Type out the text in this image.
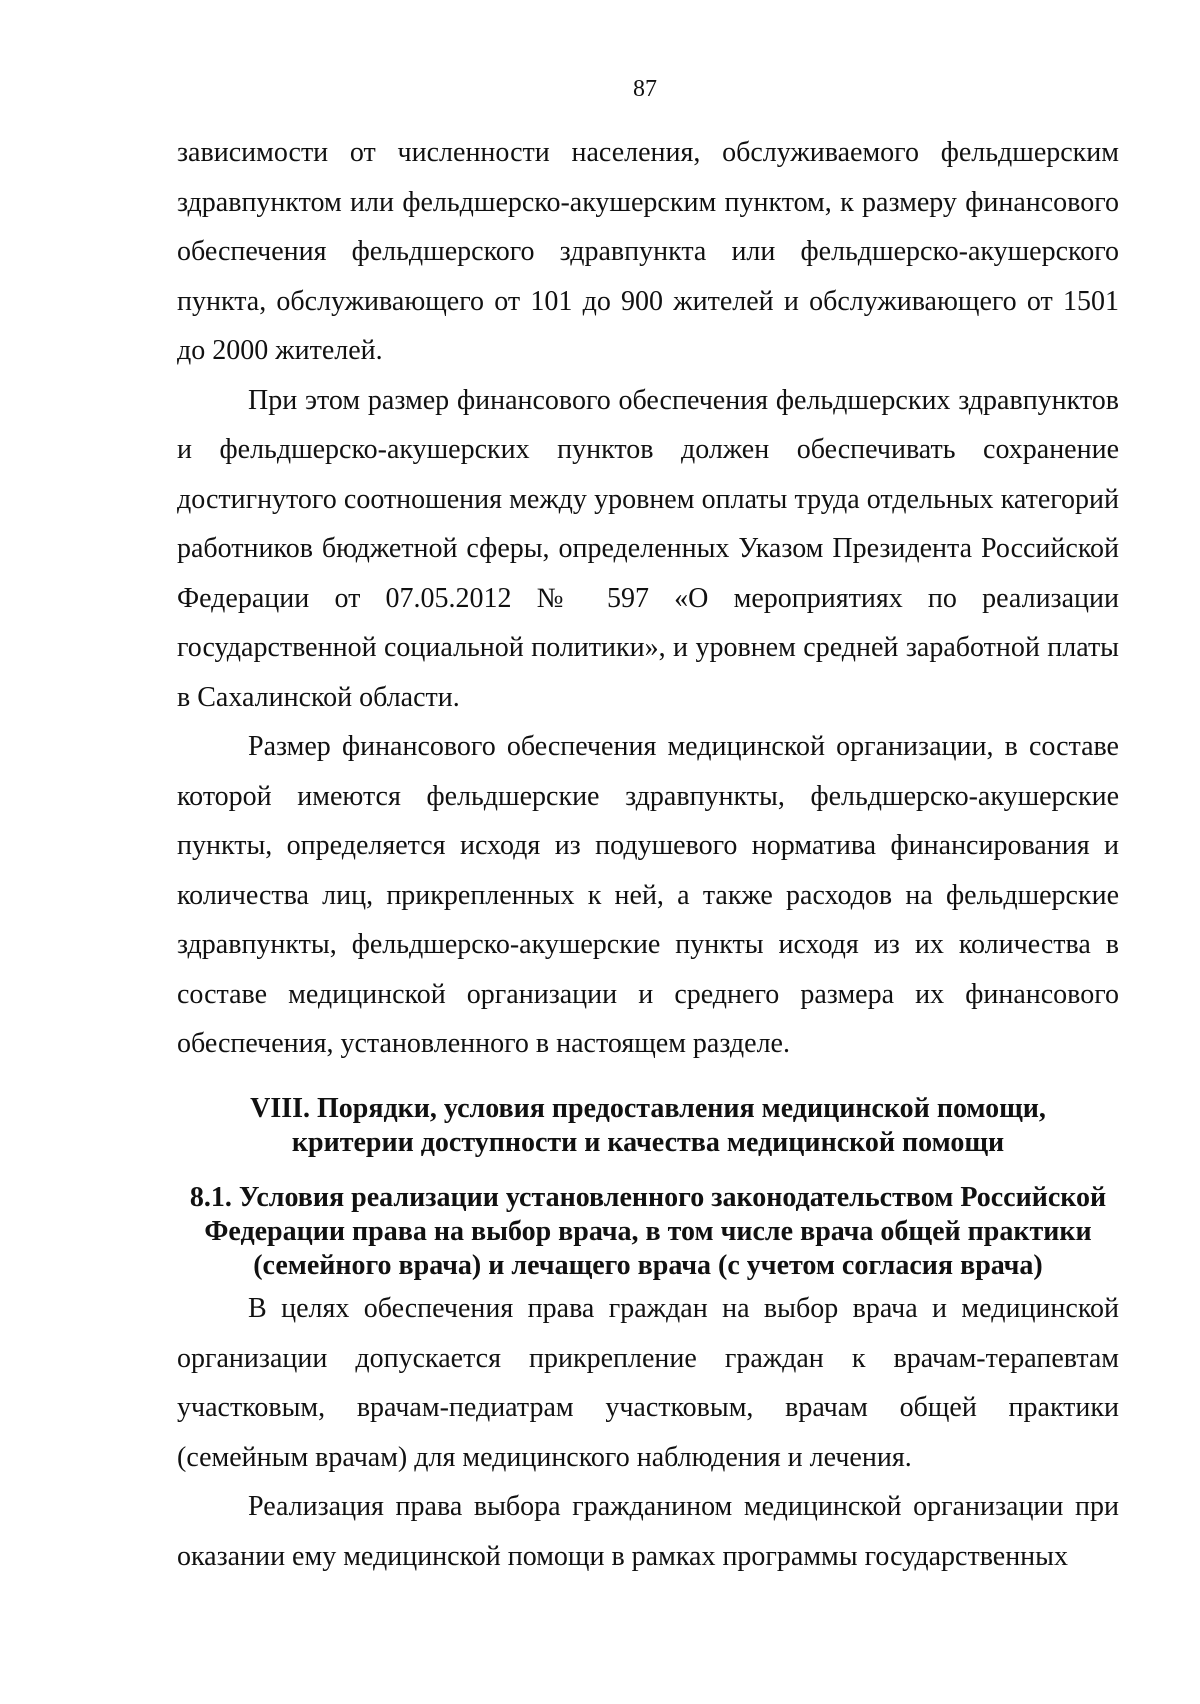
87

зависимости от численности населения, обслуживаемого фельдшерским здравпунктом или фельдшерско-акушерским пунктом, к размеру финансового обеспечения фельдшерского здравпункта или фельдшерско-акушерского пункта, обслуживающего от 101 до 900 жителей и обслуживающего от 1501 до 2000 жителей.

При этом размер финансового обеспечения фельдшерских здравпунктов и фельдшерско-акушерских пунктов должен обеспечивать сохранение достигнутого соотношения между уровнем оплаты труда отдельных категорий работников бюджетной сферы, определенных Указом Президента Российской Федерации от 07.05.2012 № 597 «О мероприятиях по реализации государственной социальной политики», и уровнем средней заработной платы в Сахалинской области.

Размер финансового обеспечения медицинской организации, в составе которой имеются фельдшерские здравпункты, фельдшерско-акушерские пункты, определяется исходя из подушевого норматива финансирования и количества лиц, прикрепленных к ней, а также расходов на фельдшерские здравпункты, фельдшерско-акушерские пункты исходя из их количества в составе медицинской организации и среднего размера их финансового обеспечения, установленного в настоящем разделе.

VIII. Порядки, условия предоставления медицинской помощи,
критерии доступности и качества медицинской помощи
8.1. Условия реализации установленного законодательством Российской
Федерации права на выбор врача, в том числе врача общей практики
(семейного врача) и лечащего врача (с учетом согласия врача)

В целях обеспечения права граждан на выбор врача и медицинской организации допускается прикрепление граждан к врачам-терапевтам участковым, врачам-педиатрам участковым, врачам общей практики (семейным врачам) для медицинского наблюдения и лечения.

Реализация права выбора гражданином медицинской организации при оказании ему медицинской помощи в рамках программы государственных
